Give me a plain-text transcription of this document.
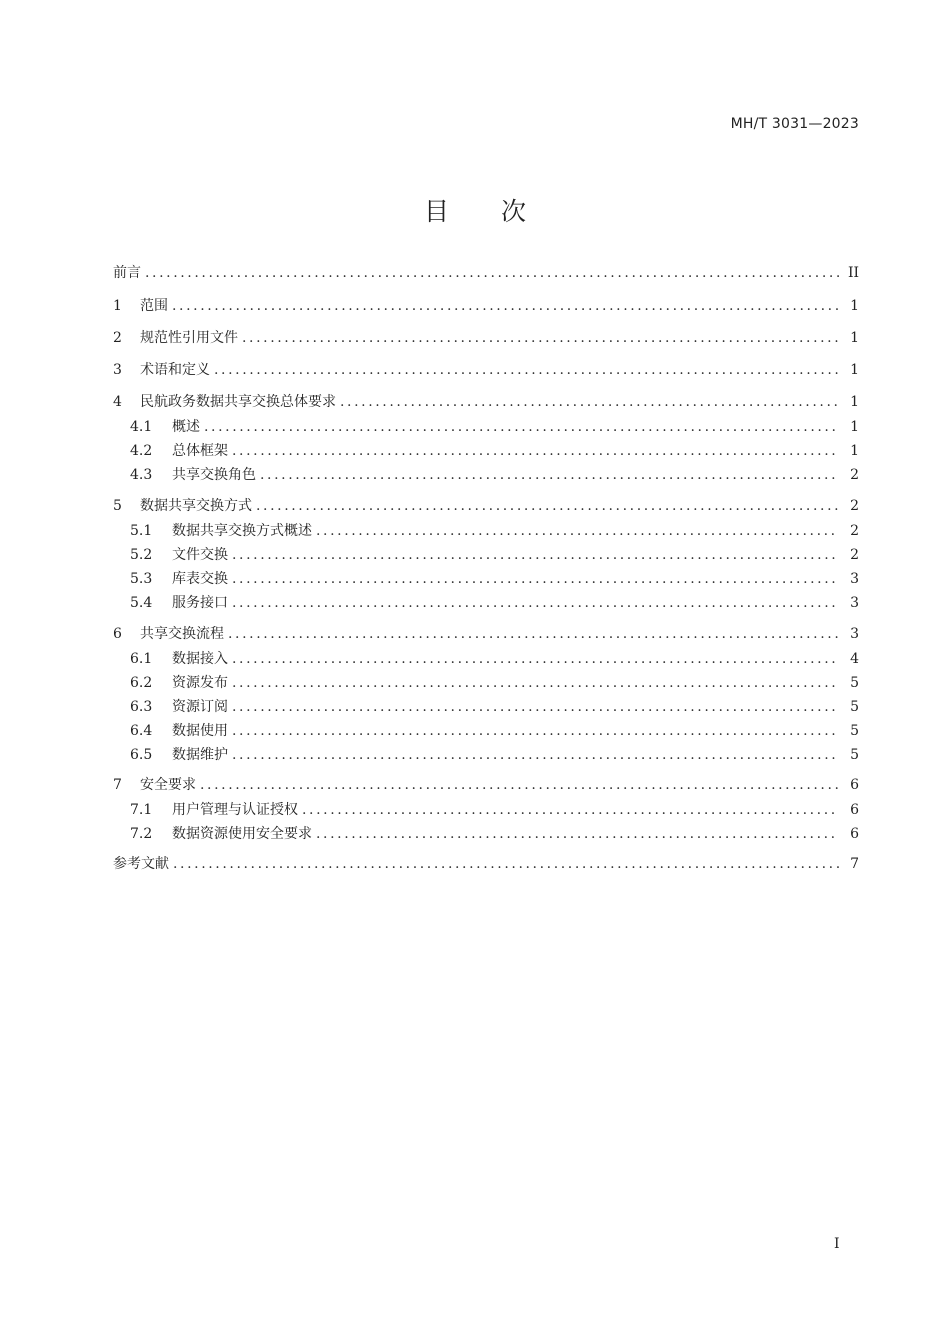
MH/T 3031—2023
目次
前言 .....	II
1	范围 .....	1
2	规范性引用文件 .....	1
3	术语和定义 .....	1
4	民航政务数据共享交换总体要求 .....	1
4.1	概述 .....	1
4.2	总体框架 .....	1
4.3	共享交换角色 .....	2
5	数据共享交换方式 .....	2
5.1	数据共享交换方式概述 .....	2
5.2	文件交换 .....	2
5.3	库表交换 .....	3
5.4	服务接口 .....	3
6	共享交换流程 .....	3
6.1	数据接入 .....	4
6.2	资源发布 .....	5
6.3	资源订阅 .....	5
6.4	数据使用 .....	5
6.5	数据维护 .....	5
7	安全要求 .....	6
7.1	用户管理与认证授权 .....	6
7.2	数据资源使用安全要求 .....	6
参考文献 .....	7
I
